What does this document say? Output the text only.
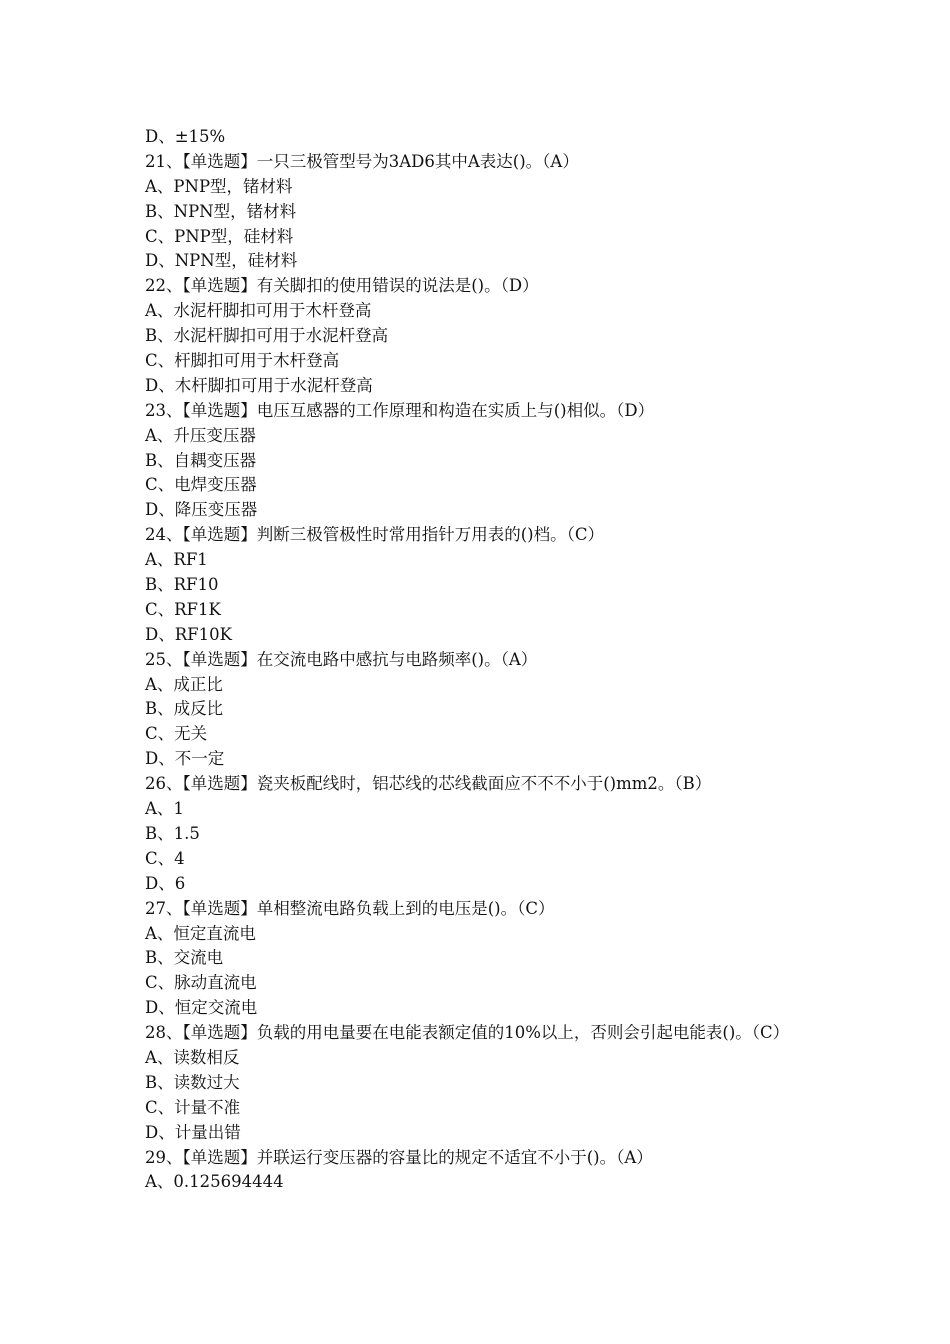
D、±15%
21、【单选题】一只三极管型号为3AD6其中A表达()。（A）
A、PNP型，锗材料
B、NPN型，锗材料
C、PNP型，硅材料
D、NPN型，硅材料
22、【单选题】有关脚扣的使用错误的说法是()。（D）
A、水泥杆脚扣可用于木杆登高
B、水泥杆脚扣可用于水泥杆登高
C、杆脚扣可用于木杆登高
D、木杆脚扣可用于水泥杆登高
23、【单选题】电压互感器的工作原理和构造在实质上与()相似。（D）
A、升压变压器
B、自耦变压器
C、电焊变压器
D、降压变压器
24、【单选题】判断三极管极性时常用指针万用表的()档。（C）
A、RF1
B、RF10
C、RF1K
D、RF10K
25、【单选题】在交流电路中感抗与电路频率()。（A）
A、成正比
B、成反比
C、无关
D、不一定
26、【单选题】瓷夹板配线时，铝芯线的芯线截面应不不不小于()mm2。（B）
A、1
B、1.5
C、4
D、6
27、【单选题】单相整流电路负载上到的电压是()。（C）
A、恒定直流电
B、交流电
C、脉动直流电
D、恒定交流电
28、【单选题】负载的用电量要在电能表额定值的10%以上，否则会引起电能表()。（C）
A、读数相反
B、读数过大
C、计量不准
D、计量出错
29、【单选题】并联运行变压器的容量比的规定不适宜不小于()。（A）
A、0.125694444
